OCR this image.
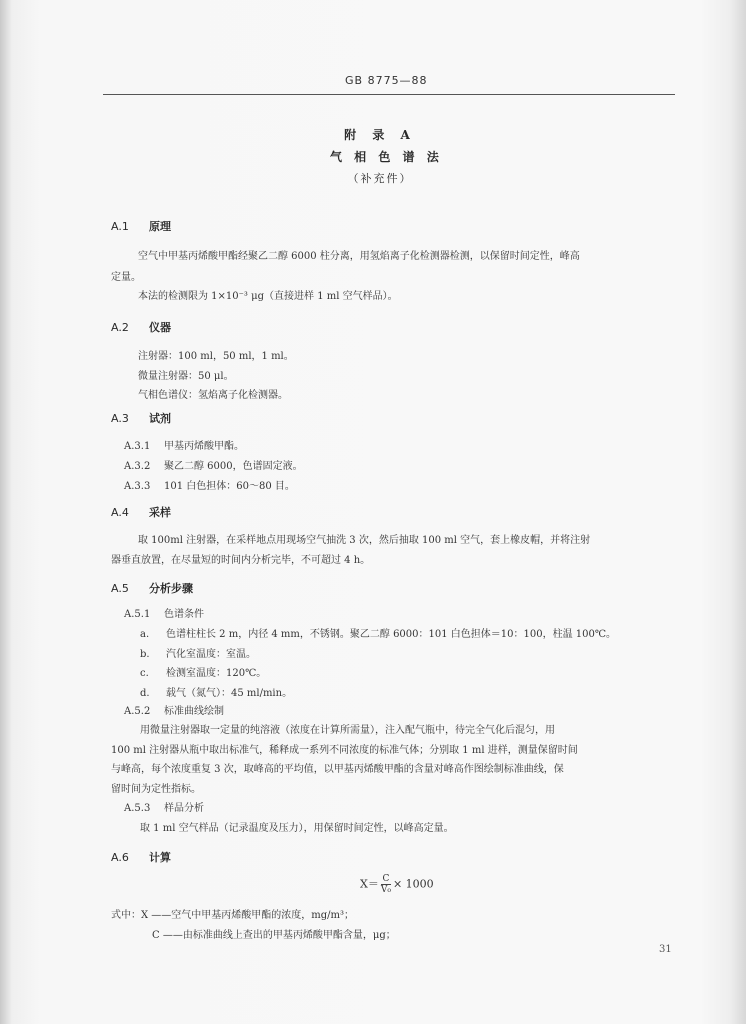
GB 8775—88
附 录 A
气 相 色 谱 法
（补充件）
A.1 原理
空气中甲基丙烯酸甲酯经聚乙二醇 6000 柱分离，用氢焰离子化检测器检测，以保留时间定性，峰高
定量。
本法的检测限为 1×10⁻³ μg（直接进样 1 ml 空气样品）。
A.2 仪器
注射器：100 ml，50 ml，1 ml。
微量注射器：50 μl。
气相色谱仪：氢焰离子化检测器。
A.3 试剂
A.3.1 甲基丙烯酸甲酯。
A.3.2 聚乙二醇 6000，色谱固定液。
A.3.3 101 白色担体：60～80 目。
A.4 采样
取 100ml 注射器，在采样地点用现场空气抽洗 3 次，然后抽取 100 ml 空气，套上橡皮帽，并将注射
器垂直放置，在尽量短的时间内分析完毕，不可超过 4 h。
A.5 分析步骤
A.5.1 色谱条件
a. 色谱柱柱长 2 m，内径 4 mm，不锈钢。聚乙二醇 6000：101 白色担体＝10：100，柱温 100℃。
b. 汽化室温度：室温。
c. 检测室温度：120℃。
d. 载气（氮气）：45 ml/min。
A.5.2 标准曲线绘制
用微量注射器取一定量的纯溶液（浓度在计算所需量），注入配气瓶中，待完全气化后混匀，用
100 ml 注射器从瓶中取出标准气，稀释成一系列不同浓度的标准气体；分别取 1 ml 进样，测量保留时间
与峰高，每个浓度重复 3 次，取峰高的平均值，以甲基丙烯酸甲酯的含量对峰高作图绘制标准曲线，保
留时间为定性指标。
A.5.3 样品分析
取 1 ml 空气样品（记录温度及压力），用保留时间定性，以峰高定量。
A.6 计算
$X= \frac{C}{\text{V₀}} \times 1000$
式中：X ——空气中甲基丙烯酸甲酯的浓度，mg/m³；
C ——由标准曲线上查出的甲基丙烯酸甲酯含量，μg；
31
